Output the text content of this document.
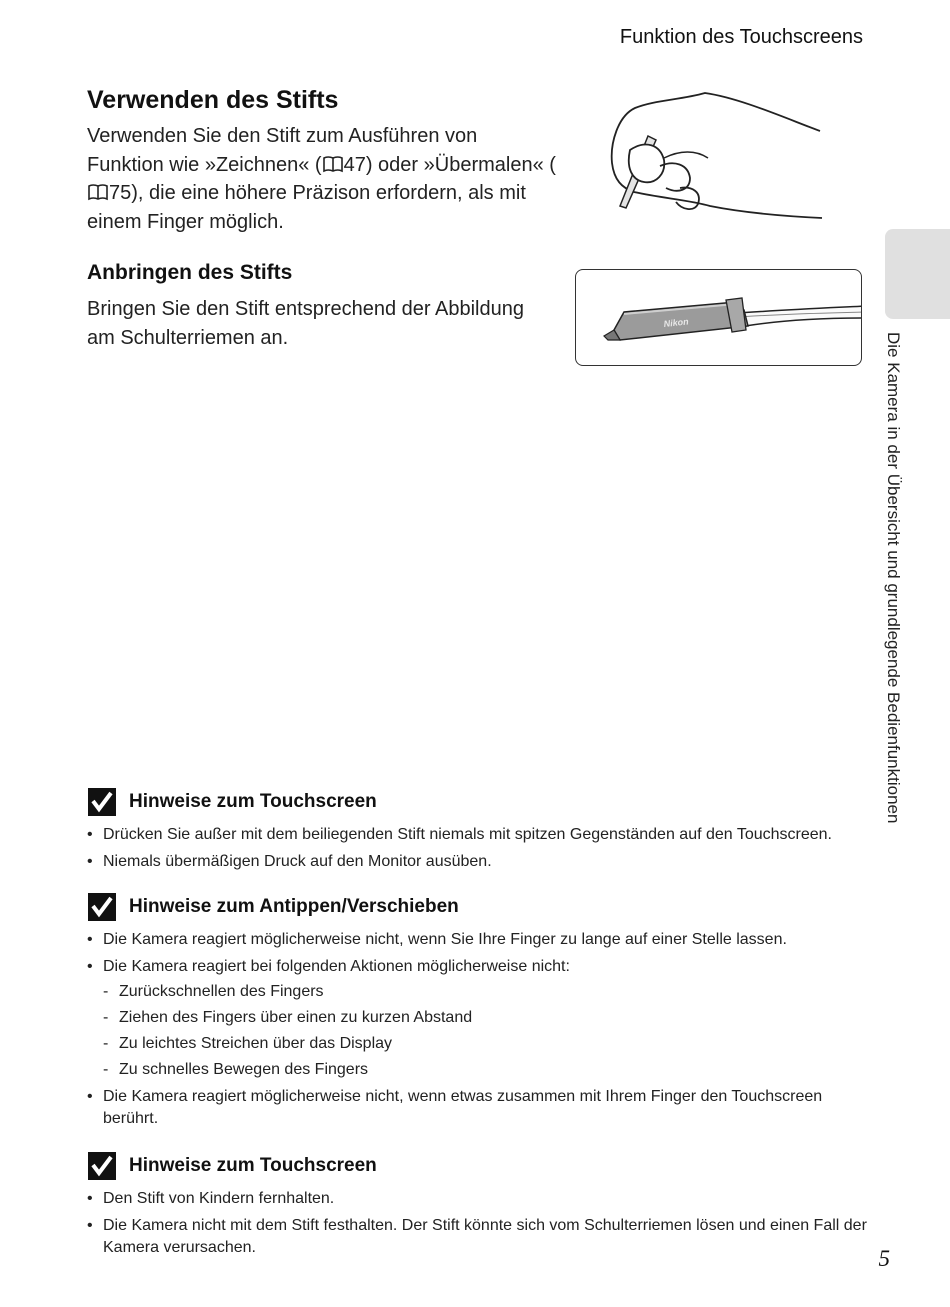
Funktion des Touchscreens
Verwenden des Stifts
Verwenden Sie den Stift zum Ausführen von Funktion wie »Zeichnen« ( 47) oder »Übermalen« (75), die eine höhere Präzison erfordern, als mit einem Finger möglich.
Anbringen des Stifts
Bringen Sie den Stift entsprechend der Abbildung am Schulterriemen an.
Nikon
Die Kamera in der Übersicht und grundlegende Bedienfunktionen
Hinweise zum Touchscreen
• Drücken Sie außer mit dem beiliegenden Stift niemals mit spitzen Gegenständen auf den Touchscreen.
• Niemals übermäßigen Druck auf den Monitor ausüben.
Hinweise zum Antippen/Verschieben
• Die Kamera reagiert möglicherweise nicht, wenn Sie Ihre Finger zu lange auf einer Stelle lassen.
• Die Kamera reagiert bei folgenden Aktionen möglicherweise nicht:
- Zurückschnellen des Fingers
- Ziehen des Fingers über einen zu kurzen Abstand
- Zu leichtes Streichen über das Display
- Zu schnelles Bewegen des Fingers
• Die Kamera reagiert möglicherweise nicht, wenn etwas zusammen mit Ihrem Finger den Touchscreen berührt.
Hinweise zum Touchscreen
• Den Stift von Kindern fernhalten.
• Die Kamera nicht mit dem Stift festhalten. Der Stift könnte sich vom Schulterriemen lösen und einen Fall der Kamera verursachen.	5
